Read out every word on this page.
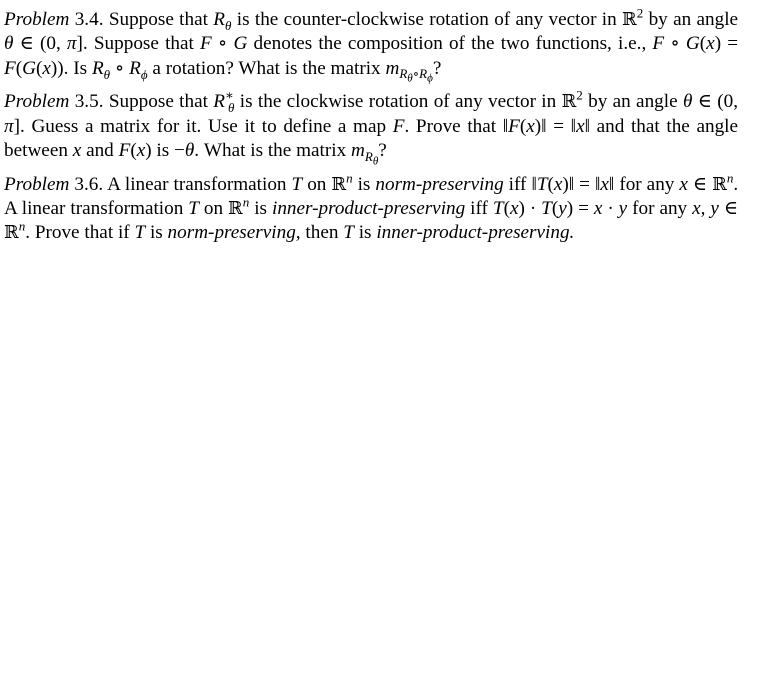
Problem 3.4. Suppose that $R_\theta$ is the counter-clockwise rotation of any vector in ℝ$^2$ by an angle θ ∈ (0, π]. Suppose that F ∘ G denotes the composition of the two functions, i.e., F ∘ G(x) = F(G(x)). Is $R_\theta$ ∘ $R_\phi$ a rotation? What is the matrix $m_{R_\theta\circ R_\phi}$?

Problem 3.5. Suppose that $R^∗_\theta$ is the clockwise rotation of any vector in ℝ$^2$ by an angle θ ∈ (0, π]. Guess a matrix for it. Use it to define a map F. Prove that ‖F(x)‖ = ‖x‖ and that the angle between x and F(x) is −θ. What is the matrix $m_{R_\theta}$?

Problem 3.6. A linear transformation T on ℝ$^n$ is norm-preserving iff ‖T(x)‖ = ‖x‖ for any x ∈ ℝ$^n$. A linear transformation T on ℝ$^n$ is inner-product-preserving iff T(x) · T(y) = x · y for any x, y ∈ ℝ$^n$. Prove that if T is norm-preserving, then T is inner-product-preserving.
